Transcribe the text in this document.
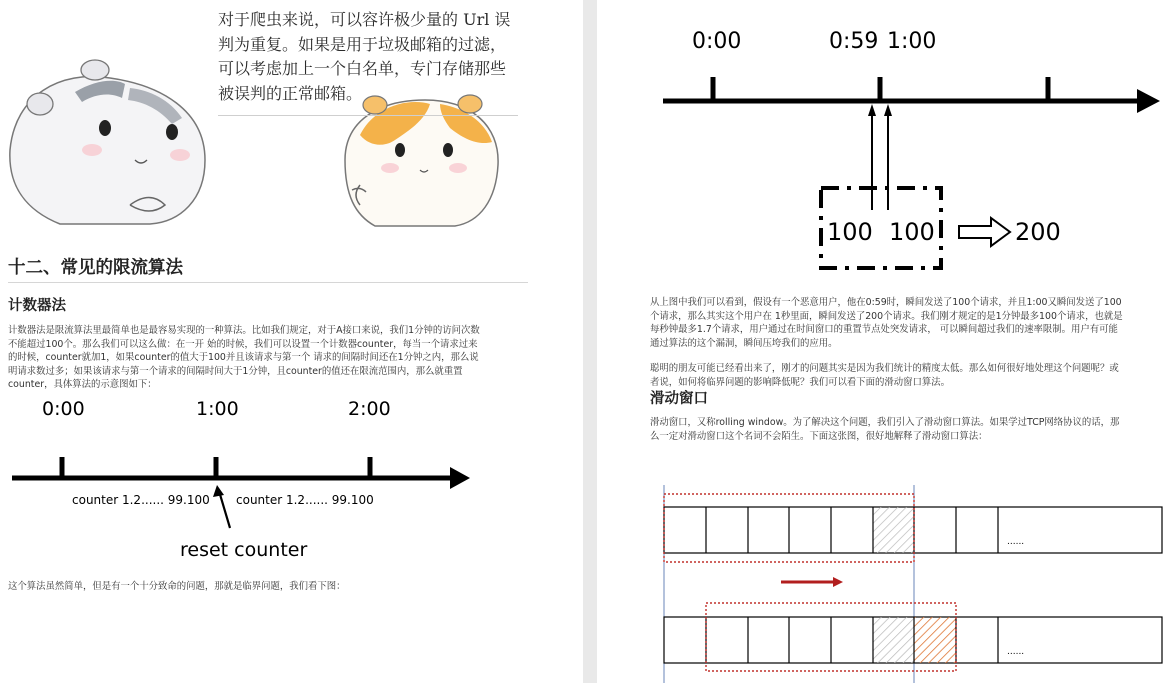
对于爬虫来说，可以容许极少量的 Url 误
判为重复。如果是用于垃圾邮箱的过滤，
可以考虑加上一个白名单，专门存储那些
被误判的正常邮箱。
十二、常见的限流算法
计数器法
计数器法是限流算法里最简单也是最容易实现的一种算法。比如我们规定，对于A接口来说，我们1分钟的访问次数
不能超过100个。那么我们可以这么做：在一开 始的时候，我们可以设置一个计数器counter，每当一个请求过来
的时候，counter就加1，如果counter的值大于100并且该请求与第一个 请求的间隔时间还在1分钟之内，那么说
明请求数过多；如果该请求与第一个请求的间隔时间大于1分钟，且counter的值还在限流范围内，那么就重置
counter，具体算法的示意图如下：
0:00	1:00	2:00
counter 1.2...... 99.100 counter 1.2...... 99.100
reset counter
这个算法虽然简单，但是有一个十分致命的问题，那就是临界问题，我们看下图：
0:00	0:59 1:00
100 100	200
从上图中我们可以看到，假设有一个恶意用户，他在0:59时，瞬间发送了100个请求，并且1:00又瞬间发送了100
个请求，那么其实这个用户在 1秒里面，瞬间发送了200个请求。我们刚才规定的是1分钟最多100个请求，也就是
每秒钟最多1.7个请求，用户通过在时间窗口的重置节点处突发请求， 可以瞬间超过我们的速率限制。用户有可能
通过算法的这个漏洞，瞬间压垮我们的应用。
聪明的朋友可能已经看出来了，刚才的问题其实是因为我们统计的精度太低。那么如何很好地处理这个问题呢？或
者说，如何将临界问题的影响降低呢？我们可以看下面的滑动窗口算法。
滑动窗口
滑动窗口，又称rolling window。为了解决这个问题，我们引入了滑动窗口算法。如果学过TCP网络协议的话，那
么一定对滑动窗口这个名词不会陌生。下面这张图，很好地解释了滑动窗口算法：
......
......
